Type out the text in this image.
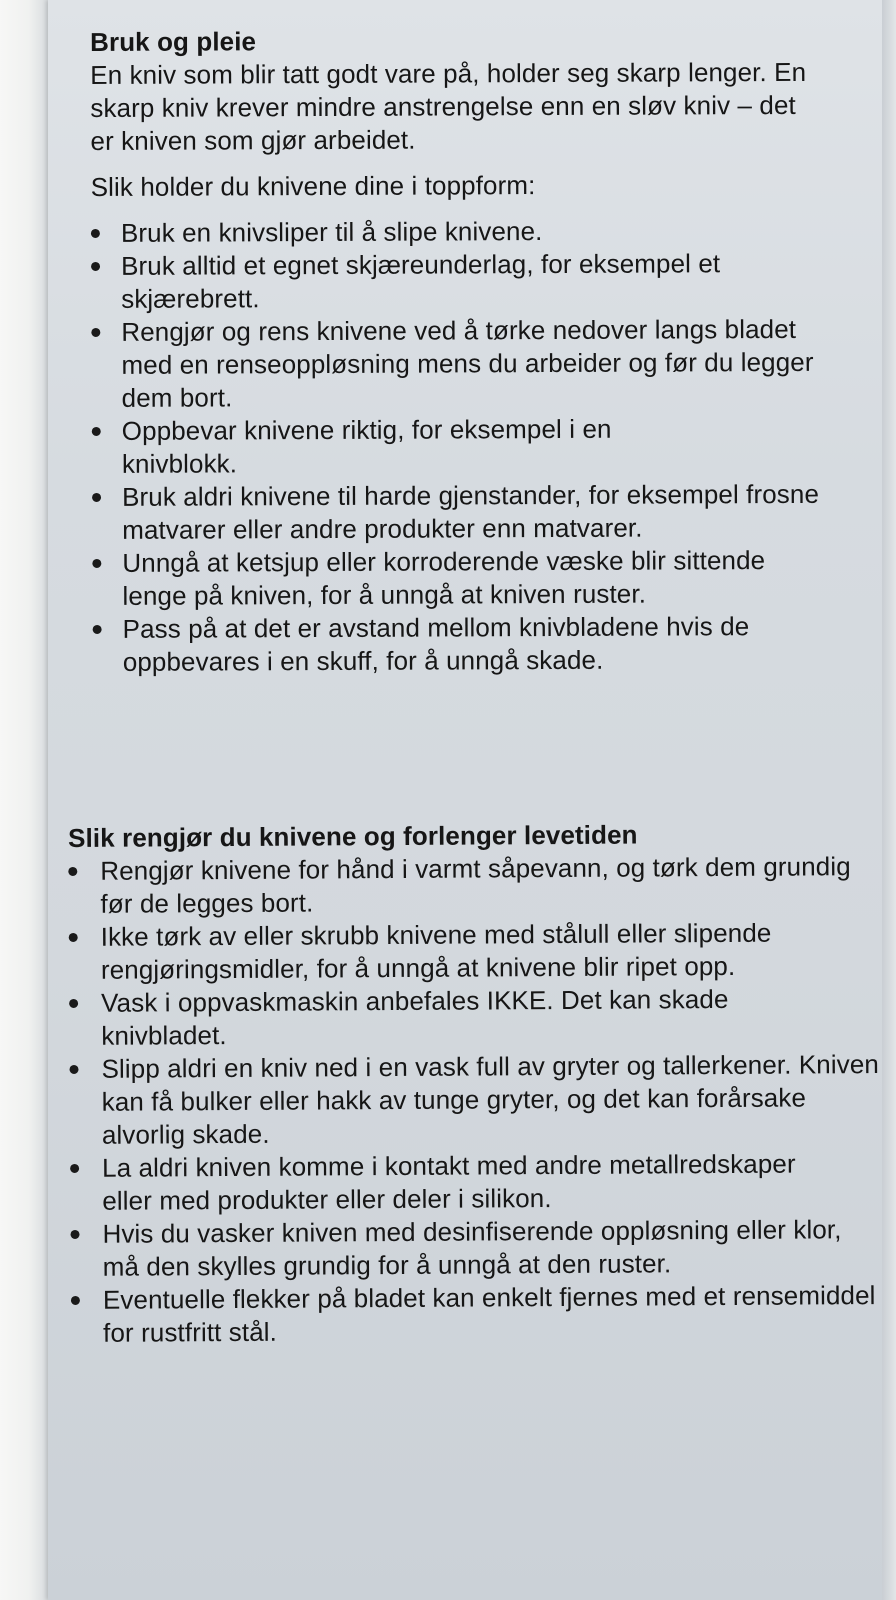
Bruk og pleie

En kniv som blir tatt godt vare på, holder seg skarp lenger. En skarp kniv krever mindre anstrengelse enn en sløv kniv – det er kniven som gjør arbeidet.

Slik holder du knivene dine i toppform:

Bruk en knivsliper til å slipe knivene.
Bruk alltid et egnet skjæreunderlag, for eksempel et skjærebrett.
Rengjør og rens knivene ved å tørke nedover langs bladet med en renseoppløsning mens du arbeider og før du legger dem bort.
Oppbevar knivene riktig, for eksempel i en knivblokk.
Bruk aldri knivene til harde gjenstander, for eksempel frosne matvarer eller andre produkter enn matvarer.
Unngå at ketsjup eller korroderende væske blir sittende lenge på kniven, for å unngå at kniven ruster.
Pass på at det er avstand mellom knivbladene hvis de oppbevares i en skuff, for å unngå skade.

Slik rengjør du knivene og forlenger levetiden

Rengjør knivene for hånd i varmt såpevann, og tørk dem grundig før de legges bort.
Ikke tørk av eller skrubb knivene med stålull eller slipende rengjøringsmidler, for å unngå at knivene blir ripet opp.
Vask i oppvaskmaskin anbefales IKKE. Det kan skade knivbladet.
Slipp aldri en kniv ned i en vask full av gryter og tallerkener. Kniven kan få bulker eller hakk av tunge gryter, og det kan forårsake alvorlig skade.
La aldri kniven komme i kontakt med andre metallredskaper eller med produkter eller deler i silikon.
Hvis du vasker kniven med desinfiserende oppløsning eller klor, må den skylles grundig for å unngå at den ruster.
Eventuelle flekker på bladet kan enkelt fjernes med et rensemiddel for rustfritt stål.
